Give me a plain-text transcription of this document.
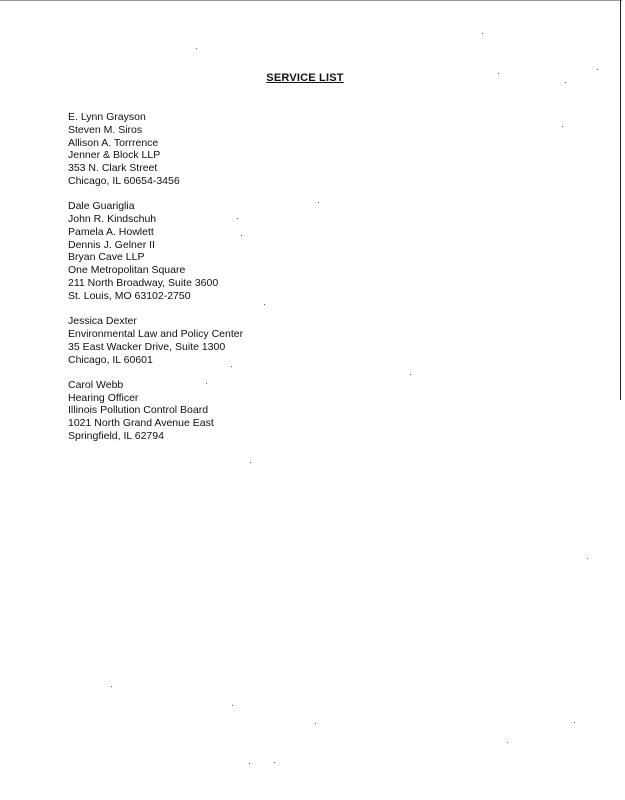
SERVICE LIST
E. Lynn Grayson
Steven M. Siros
Allison A. Torrrence
Jenner & Block LLP
353 N. Clark Street
Chicago, IL 60654-3456
Dale Guariglia
John R. Kindschuh
Pamela A. Howlett
Dennis J. Gelner II
Bryan Cave LLP
One Metropolitan Square
211 North Broadway, Suite 3600
St. Louis, MO 63102-2750
Jessica Dexter
Environmental Law and Policy Center
35 East Wacker Drive, Suite 1300
Chicago, IL 60601
Carol Webb
Hearing Officer
Illinois Pollution Control Board
1021 North Grand Avenue East
Springfield, IL 62794
